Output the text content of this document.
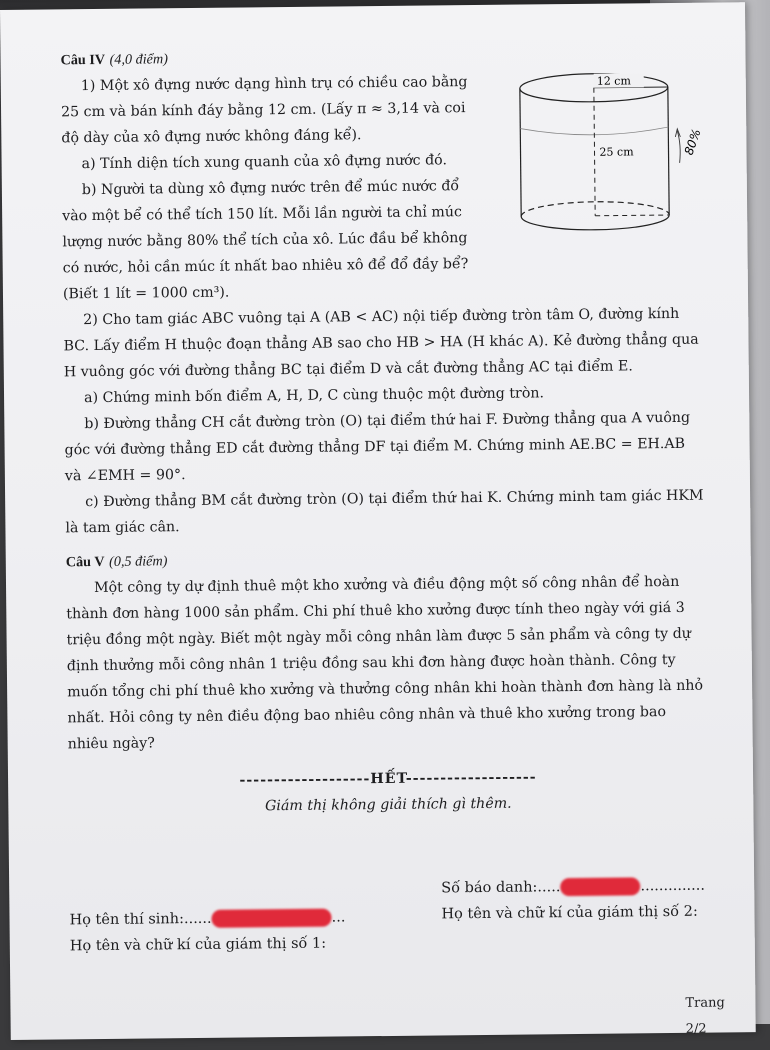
Câu IV (4,0 điểm)

1) Một xô đựng nước dạng hình trụ có chiều cao bằng 25 cm và bán kính đáy bằng 12 cm. (Lấy π ≈ 3,14 và coi độ dày của xô đựng nước không đáng kể).

a) Tính diện tích xung quanh của xô đựng nước đó.

b) Người ta dùng xô đựng nước trên để múc nước đổ vào một bể có thể tích 150 lít. Mỗi lần người ta chỉ múc lượng nước bằng 80% thể tích của xô. Lúc đầu bể không có nước, hỏi cần múc ít nhất bao nhiêu xô để đổ đầy bể? (Biết 1 lít = 1000 cm³).

2) Cho tam giác ABC vuông tại A (AB < AC) nội tiếp đường tròn tâm O, đường kính BC. Lấy điểm H thuộc đoạn thẳng AB sao cho HB > HA (H khác A). Kẻ đường thẳng qua H vuông góc với đường thẳng BC tại điểm D và cắt đường thẳng AC tại điểm E.

a) Chứng minh bốn điểm A, H, D, C cùng thuộc một đường tròn.

b) Đường thẳng CH cắt đường tròn (O) tại điểm thứ hai F. Đường thẳng qua A vuông góc với đường thẳng ED cắt đường thẳng DF tại điểm M. Chứng minh AE.BC = EH.AB và ∠EMH = 90°.

c) Đường thẳng BM cắt đường tròn (O) tại điểm thứ hai K. Chứng minh tam giác HKM là tam giác cân.

Câu V (0,5 điểm)

Một công ty dự định thuê một kho xưởng và điều động một số công nhân để hoàn thành đơn hàng 1000 sản phẩm. Chi phí thuê kho xưởng được tính theo ngày với giá 3 triệu đồng một ngày. Biết một ngày mỗi công nhân làm được 5 sản phẩm và công ty dự định thưởng mỗi công nhân 1 triệu đồng sau khi đơn hàng được hoàn thành. Công ty muốn tổng chi phí thuê kho xưởng và thưởng công nhân khi hoàn thành đơn hàng là nhỏ nhất. Hỏi công ty nên điều động bao nhiêu công nhân và thuê kho xưởng trong bao nhiêu ngày?

-------------------HẾT-------------------

Giám thị không giải thích gì thêm.

12 cm
25 cm	80%

Họ tên thí sinh:......	...

Họ tên và chữ kí của giám thị số 1:

Số báo danh:.....	..............

Họ tên và chữ kí của giám thị số 2:

Trang 2/2
